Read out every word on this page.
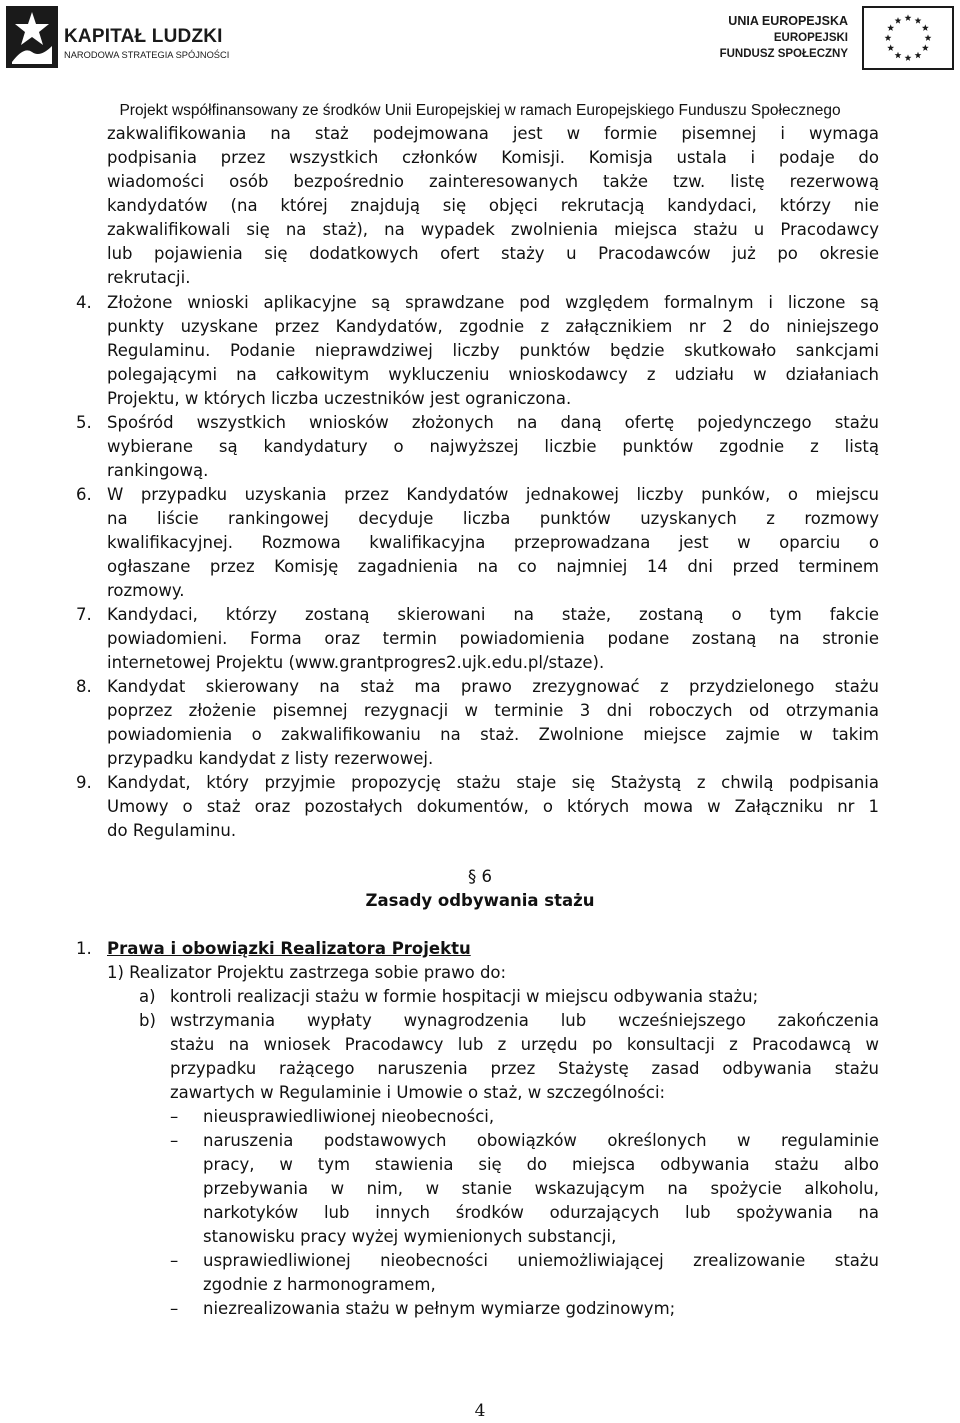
KAPITAŁ LUDZKI
NARODOWA STRATEGIA SPÓJNOŚCI
UNIA EUROPEJSKA
EUROPEJSKI
FUNDUSZ SPOŁECZNY
Projekt współfinansowany ze środków Unii Europejskiej w ramach Europejskiego Funduszu Społecznego
zakwalifikowania na staż podejmowana jest w formie pisemnej i wymaga
podpisania przez wszystkich członków Komisji. Komisja ustala i podaje do
wiadomości osób bezpośrednio zainteresowanych także tzw. listę rezerwową
kandydatów (na której znajdują się objęci rekrutacją kandydaci, którzy nie
zakwalifikowali się na staż), na wypadek zwolnienia miejsca stażu u Pracodawcy
lub pojawienia się dodatkowych ofert staży u Pracodawców już po okresie
rekrutacji.
4. Złożone wnioski aplikacyjne są sprawdzane pod względem formalnym i liczone są
punkty uzyskane przez Kandydatów, zgodnie z załącznikiem nr 2 do niniejszego
Regulaminu. Podanie nieprawdziwej liczby punktów będzie skutkowało sankcjami
polegającymi na całkowitym wykluczeniu wnioskodawcy z udziału w działaniach
Projektu, w których liczba uczestników jest ograniczona.
5. Spośród wszystkich wniosków złożonych na daną ofertę pojedynczego stażu
wybierane są kandydatury o najwyższej liczbie punktów zgodnie z listą
rankingową.
6. W przypadku uzyskania przez Kandydatów jednakowej liczby punków, o miejscu
na liście rankingowej decyduje liczba punktów uzyskanych z rozmowy
kwalifikacyjnej. Rozmowa kwalifikacyjna przeprowadzana jest w oparciu o
ogłaszane przez Komisję zagadnienia na co najmniej 14 dni przed terminem
rozmowy.
7. Kandydaci, którzy zostaną skierowani na staże, zostaną o tym fakcie
powiadomieni. Forma oraz termin powiadomienia podane zostaną na stronie
internetowej Projektu (www.grantprogres2.ujk.edu.pl/staze).
8. Kandydat skierowany na staż ma prawo zrezygnować z przydzielonego stażu
poprzez złożenie pisemnej rezygnacji w terminie 3 dni roboczych od otrzymania
powiadomienia o zakwalifikowaniu na staż. Zwolnione miejsce zajmie w takim
przypadku kandydat z listy rezerwowej.
9. Kandydat, który przyjmie propozycję stażu staje się Stażystą z chwilą podpisania
Umowy o staż oraz pozostałych dokumentów, o których mowa w Załączniku nr 1
do Regulaminu.
§ 6
Zasady odbywania stażu
1. Prawa i obowiązki Realizatora Projektu
1) Realizator Projektu zastrzega sobie prawo do:
a) kontroli realizacji stażu w formie hospitacji w miejscu odbywania stażu;
b) wstrzymania wypłaty wynagrodzenia lub wcześniejszego zakończenia
stażu na wniosek Pracodawcy lub z urzędu po konsultacji z Pracodawcą w
przypadku rażącego naruszenia przez Stażystę zasad odbywania stażu
zawartych w Regulaminie i Umowie o staż, w szczególności:
– nieusprawiedliwionej nieobecności,
– naruszenia podstawowych obowiązków określonych w regulaminie
pracy, w tym stawienia się do miejsca odbywania stażu albo
przebywania w nim, w stanie wskazującym na spożycie alkoholu,
narkotyków lub innych środków odurzających lub spożywania na
stanowisku pracy wyżej wymienionych substancji,
– usprawiedliwionej nieobecności uniemożliwiającej zrealizowanie stażu
zgodnie z harmonogramem,
– niezrealizowania stażu w pełnym wymiarze godzinowym;
4
